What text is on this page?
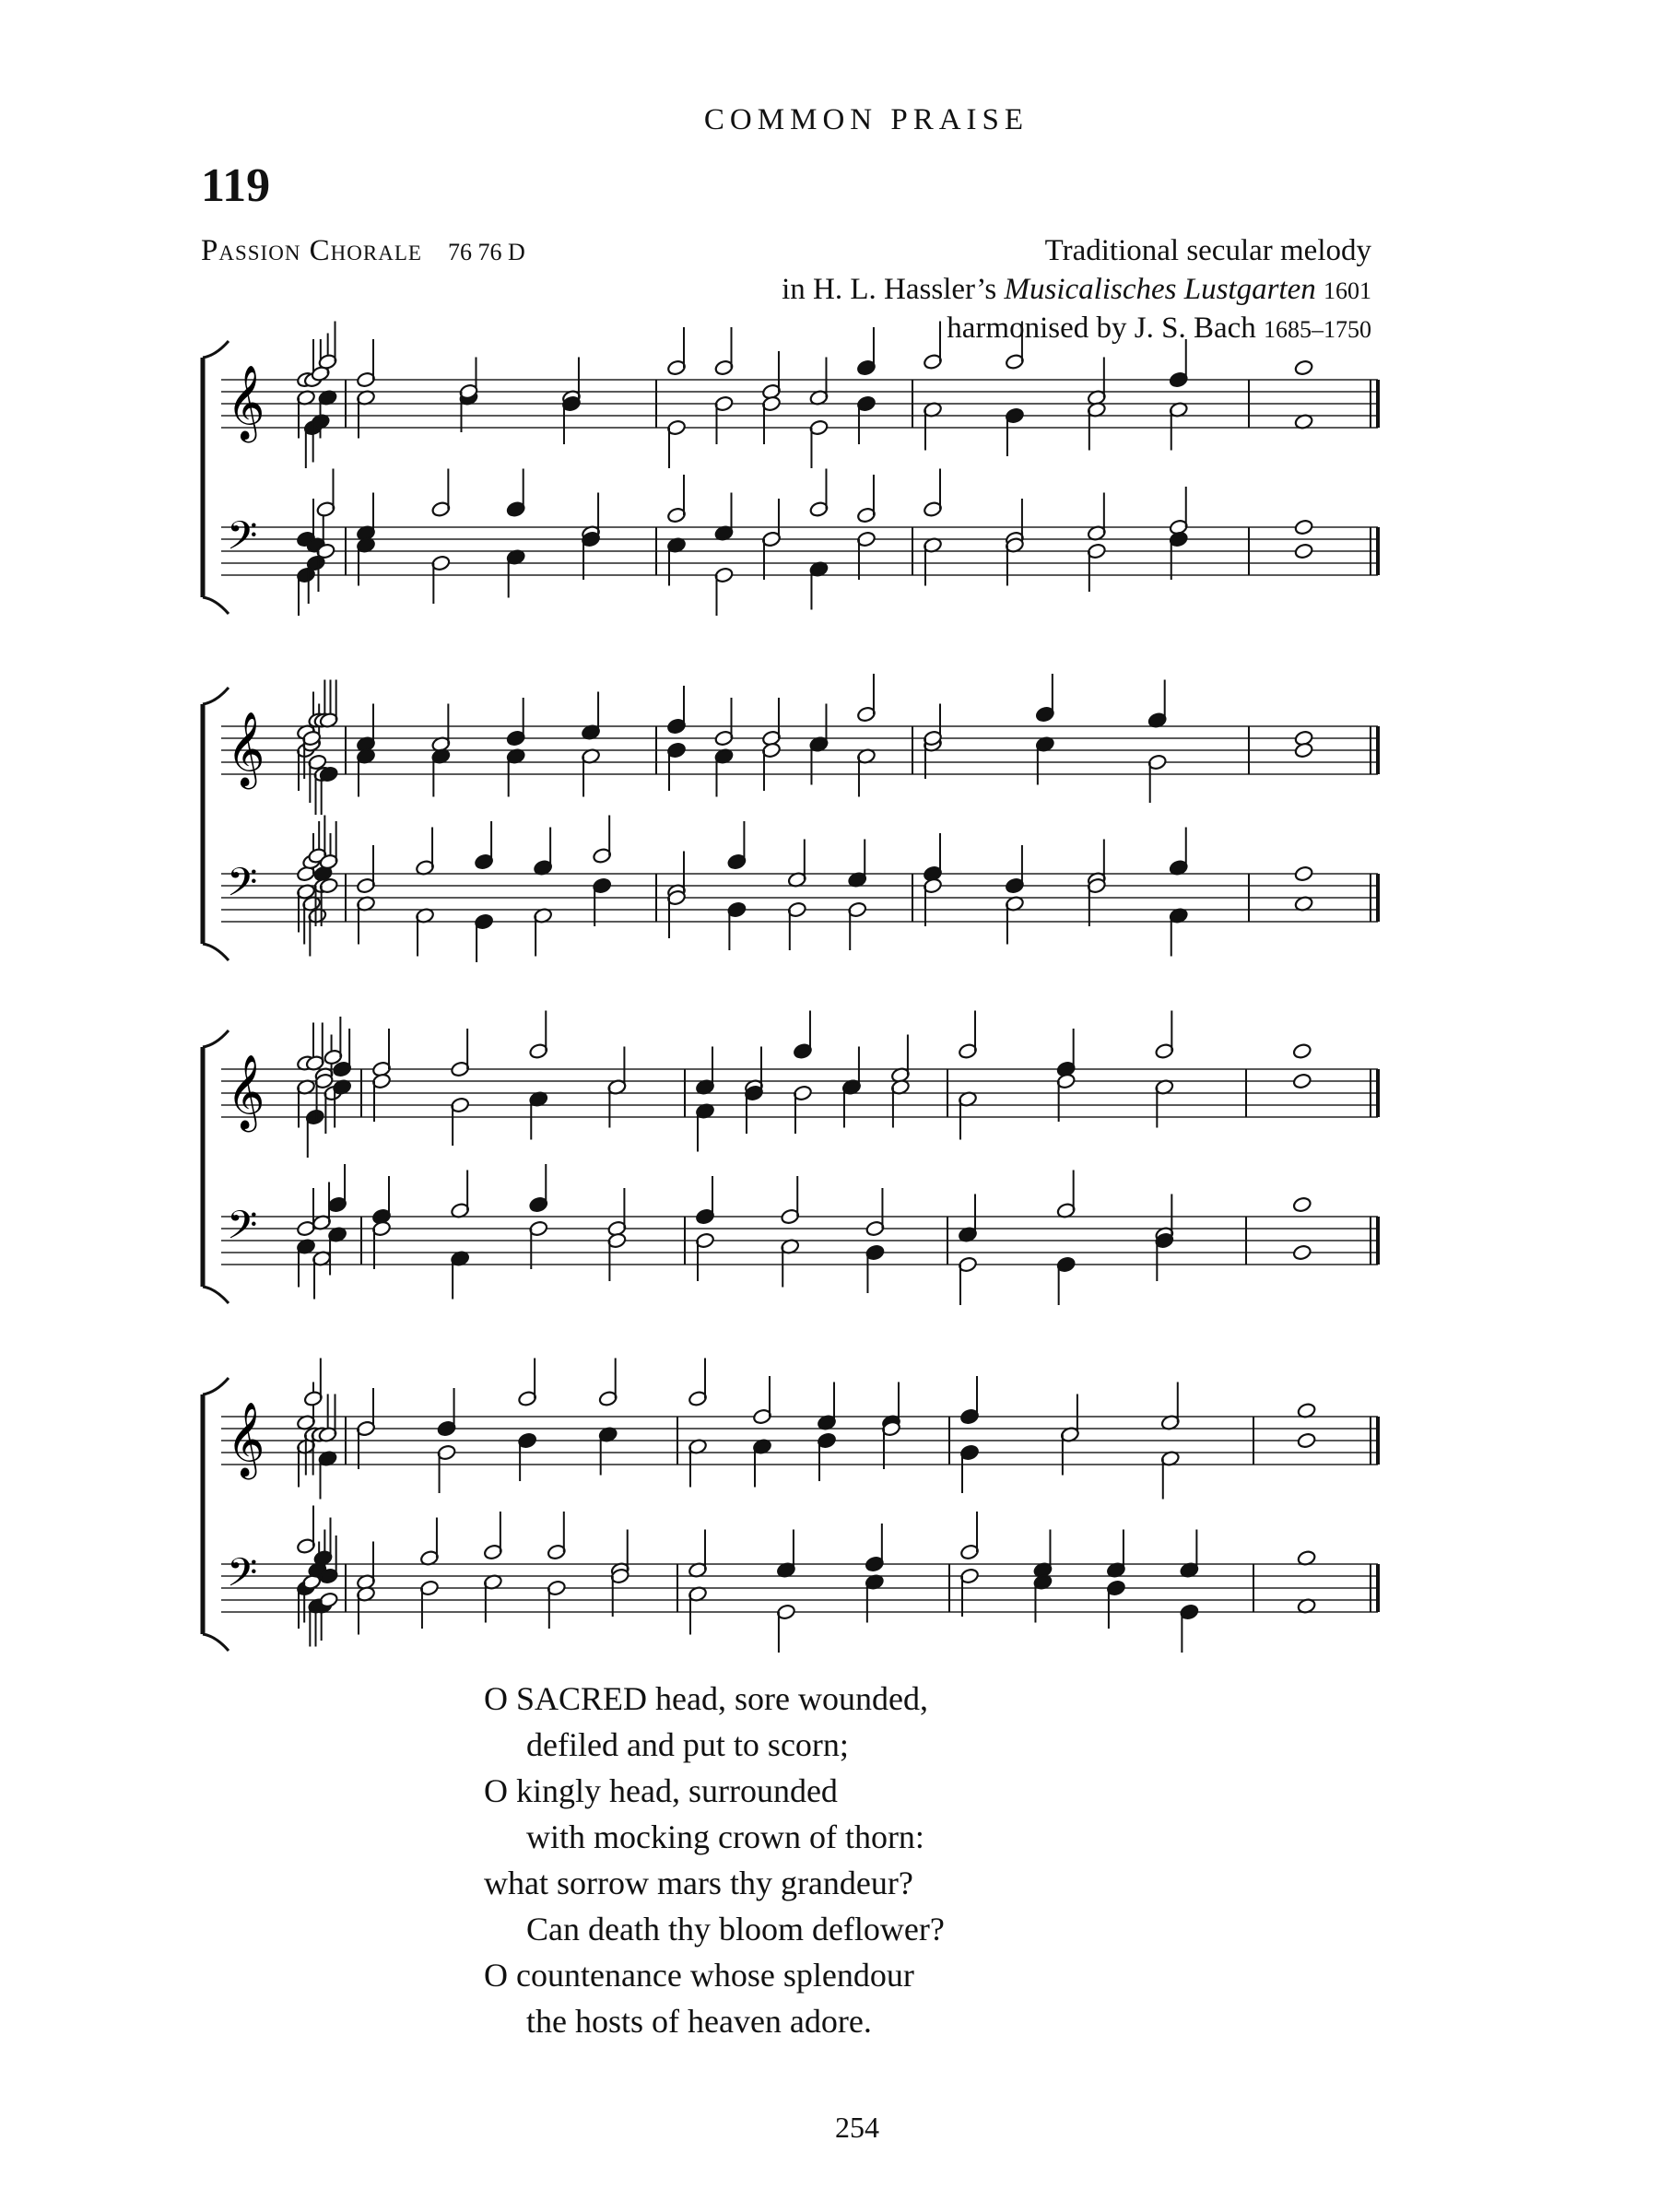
COMMON PRAISE
119
Passion Chorale 76 76 D	Traditional secular melody
in H. L. Hassler’s Musicalisches Lustgarten 1601
harmonised by J. S. Bach 1685–1750
𝄞
𝄢
𝄞
𝄢
𝄞
𝄢
𝄞
𝄢
O SACRED head, sore wounded,
defiled and put to scorn;
O kingly head, surrounded
with mocking crown of thorn:
what sorrow mars thy grandeur?
Can death thy bloom deflower?
O countenance whose splendour
the hosts of heaven adore.
254
